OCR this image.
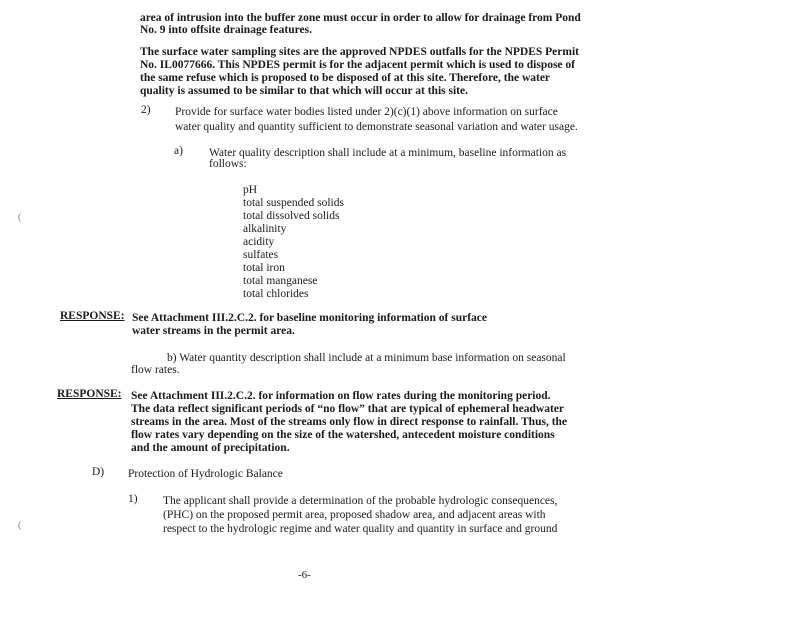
area of intrusion into the buffer zone must occur in order to allow for drainage from Pond
No. 9 into offsite drainage features.
The surface water sampling sites are the approved NPDES outfalls for the NPDES Permit
No. IL0077666. This NPDES permit is for the adjacent permit which is used to dispose of
the same refuse which is proposed to be disposed of at this site. Therefore, the water
quality is assumed to be similar to that which will occur at this site.
2) Provide for surface water bodies listed under 2)(c)(1) above information on surface
water quality and quantity sufficient to demonstrate seasonal variation and water usage.
a) Water quality description shall include at a minimum, baseline information as
follows:
pH
total suspended solids
total dissolved solids
alkalinity
acidity
sulfates
total iron
total manganese
total chlorides
RESPONSE: See Attachment III.2.C.2. for baseline monitoring information of surface
water streams in the permit area.
b) Water quantity description shall include at a minimum base information on seasonal
flow rates.
RESPONSE: See Attachment III.2.C.2. for information on flow rates during the monitoring period.
The data reflect significant periods of “no flow” that are typical of ephemeral headwater
streams in the area. Most of the streams only flow in direct response to rainfall. Thus, the
flow rates vary depending on the size of the watershed, antecedent moisture conditions
and the amount of precipitation.
D) Protection of Hydrologic Balance
1) The applicant shall provide a determination of the probable hydrologic consequences,
(PHC) on the proposed permit area, proposed shadow area, and adjacent areas with
respect to the hydrologic regime and water quality and quantity in surface and ground
-6-
(
(
